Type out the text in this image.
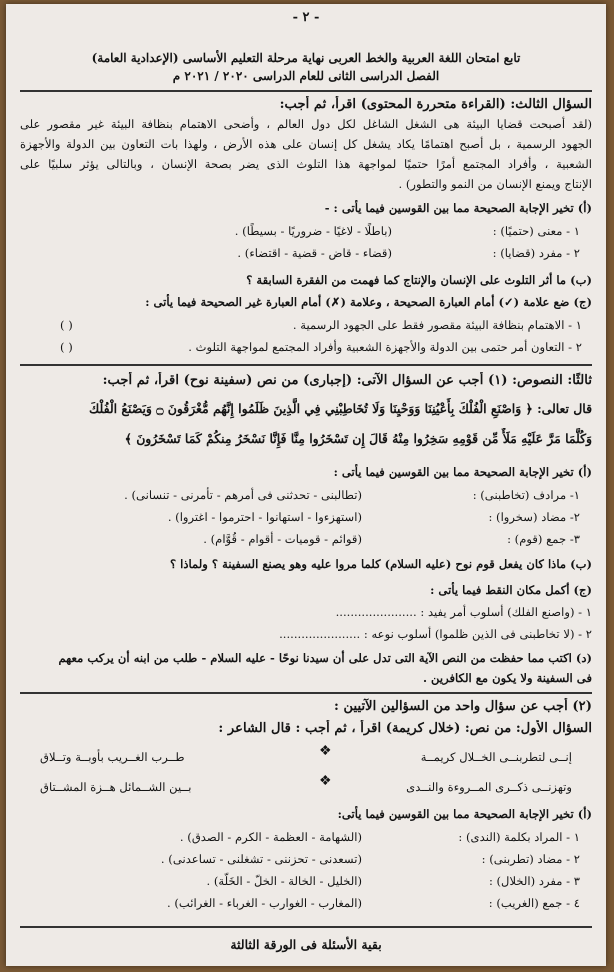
- ٢ -
تابع امتحان اللغة العربية والخط العربى نهاية مرحلة التعليم الأساسى (الإعدادية العامة)
الفصل الدراسى الثانى للعام الدراسى ٢٠٢٠ / ٢٠٢١ م
السؤال الثالث: (القراءة متحررة المحتوى) اقرأ، ثم أجب:
(لقد أصبحت قضايا البيئة هى الشغل الشاغل لكل دول العالم ، وأضحى الاهتمام بنظافة البيئة غير مقصور على
الجهود الرسمية ، بل أصبح اهتمامًا يكاد يشغل كل إنسان على هذه الأرض ، ولهذا بات التعاون بين الدولة والأجهزة
الشعبية ، وأفراد المجتمع أمرًا حتميًا لمواجهة هذا التلوث الذى يضر بصحة الإنسان ، وبالتالى يؤثر سلبيًا على
الإنتاج ويمنع الإنسان من النمو والتطور) .
(أ) تخير الإجابة الصحيحة مما بين القوسين فيما يأتى : -
١ - معنى (حتميًا) :
(باطلًا - لاغيًا - ضروريًا - بسيطًا) .
٢ - مفرد (قضايا) :
(قضاء - قاض - قضية - اقتضاء) .
(ب) ما أثر التلوث على الإنسان والإنتاج كما فهمت من الفقرة السابقة ؟
(ج) ضع علامة (✓) أمام العبارة الصحيحة ، وعلامة (✗) أمام العبارة غير الصحيحة فيما يأتى :
١ - الاهتمام بنظافة البيئة مقصور فقط على الجهود الرسمية .
( )
٢ - التعاون أمر حتمى بين الدولة والأجهزة الشعبية وأفراد المجتمع لمواجهة التلوث .
( )
ثالثًا: النصوص: (١) أجب عن السؤال الآتى: (إجبارى) من نص (سفينة نوح) اقرأ، ثم أجب:
قال تعالى: ﴿ وَاصْنَعِ الْفُلْكَ بِأَعْيُنِنَا وَوَحْيِنَا وَلَا تُخَاطِبْنِي فِي الَّذِينَ ظَلَمُوا إِنَّهُم مُّغْرَقُونَ ۝ وَيَصْنَعُ الْفُلْكَ
وَكُلَّمَا مَرَّ عَلَيْهِ مَلَأٌ مِّن قَوْمِهِ سَخِرُوا مِنْهُ قَالَ إِن تَسْخَرُوا مِنَّا فَإِنَّا نَسْخَرُ مِنكُمْ كَمَا تَسْخَرُونَ ﴾
(أ) تخير الإجابة الصحيحة مما بين القوسين فيما يأتى :
١- مرادف (تخاطبنى) :
(تطالبنى - تحدثنى فى أمرهم - تأمرنى - تنسانى) .
٢- مضاد (سخروا) :
(استهزءوا - استهانوا - احترموا - اغتروا) .
٣- جمع (قوم) :
(قوائم - قوميات - أقوام - قُوَّام) .
(ب) ماذا كان يفعل قوم نوح (عليه السلام) كلما مروا عليه وهو يصنع السفينة ؟ ولماذا ؟
(ج) أكمل مكان النقط فيما يأتى :
١ - (واصنع الفلك) أسلوب أمر يفيد : ......................
٢ - (لا تخاطبنى فى الذين ظلموا) أسلوب نوعه : ......................
(د) اكتب مما حفظت من النص الآية التى تدل على أن سيدنا نوحًا - عليه السلام - طلب من ابنه أن يركب معهم
فى السفينة ولا يكون مع الكافرين .
(٢) أجب عن سؤال واحد من السؤالين الآتيين :
السؤال الأول: من نص: (خلال كريمة) اقرأ ، ثم أجب : قال الشاعر :
إنــى لتطربنــى الخــلال كريمــة
طــرب الغــريب بأوبــة وتــلاق	❖
وتهزنــى ذكــرى المــروءة والنــدى
بــين الشــمائل هــزة المشــتاق	❖
(أ) تخير الإجابة الصحيحة مما بين القوسين فيما يأتى:
١ - المراد بكلمة (الندى) :
(الشهامة - العظمة - الكرم - الصدق) .
٢ - مضاد (تطربنى) :
(تسعدنى - تحزننى - تشغلنى - تساعدنى) .
٣ - مفرد (الخلال) :
(الخليل - الخالة - الخلّ - الخَلّة) .
٤ - جمع (الغريب) :
(المغارب - الغوارب - الغرباء - الغرائب) .
بقية الأسئلة فى الورقة الثالثة
